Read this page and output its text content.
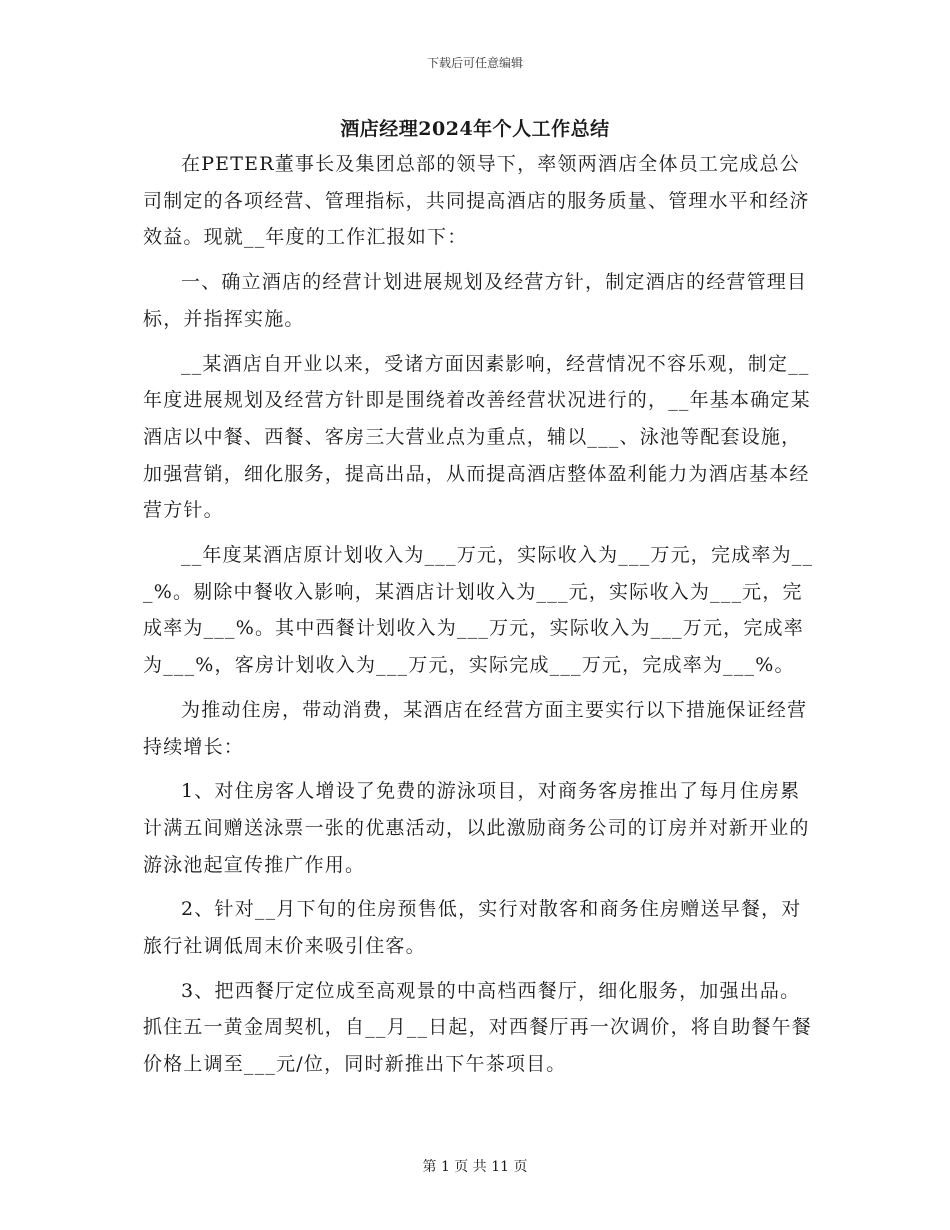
下载后可任意编辑
酒店经理2024年个人工作总结

在PETER董事长及集团总部的领导下，率领两酒店全体员工完成总公司制定的各项经营、管理指标，共同提高酒店的服务质量、管理水平和经济效益。现就__年度的工作汇报如下：

一、确立酒店的经营计划进展规划及经营方针，制定酒店的经营管理目标，并指挥实施。

__某酒店自开业以来，受诸方面因素影响，经营情况不容乐观，制定__年度进展规划及经营方针即是围绕着改善经营状况进行的，__年基本确定某酒店以中餐、西餐、客房三大营业点为重点，辅以___、泳池等配套设施，加强营销，细化服务，提高出品，从而提高酒店整体盈利能力为酒店基本经营方针。

__年度某酒店原计划收入为___万元，实际收入为___万元，完成率为___%。剔除中餐收入影响，某酒店计划收入为___元，实际收入为___元，完成率为___%。其中西餐计划收入为___万元，实际收入为___万元，完成率为___%，客房计划收入为___万元，实际完成___万元，完成率为___%。

为推动住房，带动消费，某酒店在经营方面主要实行以下措施保证经营持续增长：

1、对住房客人增设了免费的游泳项目，对商务客房推出了每月住房累计满五间赠送泳票一张的优惠活动，以此激励商务公司的订房并对新开业的游泳池起宣传推广作用。

2、针对__月下旬的住房预售低，实行对散客和商务住房赠送早餐，对旅行社调低周末价来吸引住客。

3、把西餐厅定位成至高观景的中高档西餐厅，细化服务，加强出品。抓住五一黄金周契机，自__月__日起，对西餐厅再一次调价，将自助餐午餐价格上调至___元/位，同时新推出下午茶项目。

第 1 页 共 11 页
